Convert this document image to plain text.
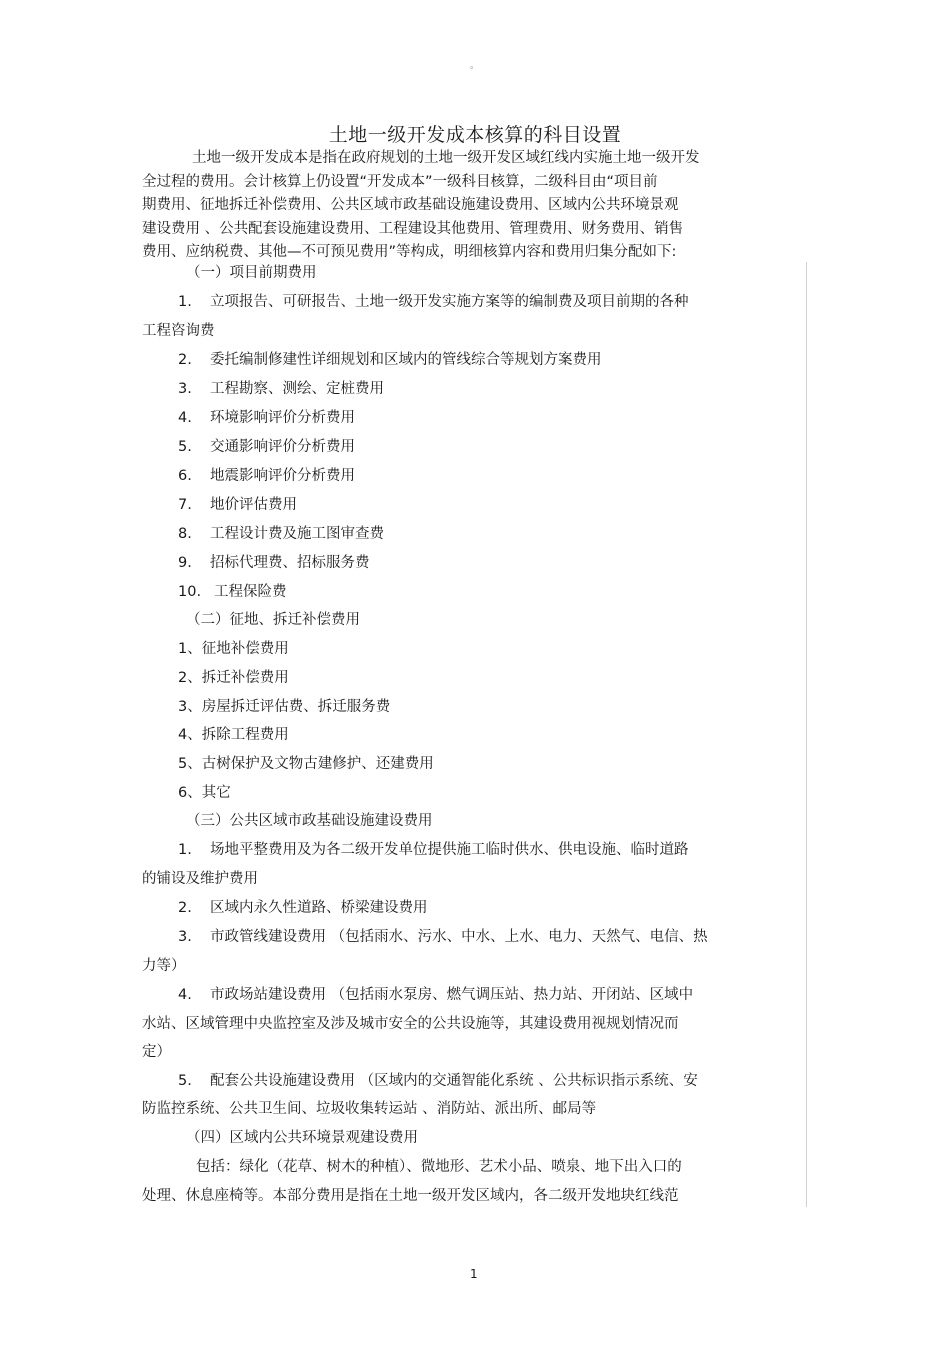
。
土地一级开发成本核算的科目设置
土地一级开发成本是指在政府规划的土地一级开发区域红线内实施土地一级开发
全过程的费用。会计核算上仍设置“开发成本”一级科目核算，二级科目由“项目前
期费用、征地拆迁补偿费用、公共区域市政基础设施建设费用、区域内公共环境景观
建设费用 、公共配套设施建设费用、工程建设其他费用、管理费用、财务费用、销售
费用、应纳税费、其他—不可预见费用”等构成，明细核算内容和费用归集分配如下:
（一）项目前期费用
1. 立项报告、可研报告、土地一级开发实施方案等的编制费及项目前期的各种
工程咨询费
2. 委托编制修建性详细规划和区域内的管线综合等规划方案费用
3. 工程勘察、测绘、定桩费用
4. 环境影响评价分析费用
5. 交通影响评价分析费用
6. 地震影响评价分析费用
7. 地价评估费用
8. 工程设计费及施工图审查费
9. 招标代理费、招标服务费
10. 工程保险费
（二）征地、拆迁补偿费用
1、征地补偿费用
2、拆迁补偿费用
3、房屋拆迁评估费、拆迁服务费
4、拆除工程费用
5、古树保护及文物古建修护、还建费用
6、其它
（三）公共区域市政基础设施建设费用
1. 场地平整费用及为各二级开发单位提供施工临时供水、供电设施、临时道路
的铺设及维护费用
2. 区域内永久性道路、桥梁建设费用
3. 市政管线建设费用 （包括雨水、污水、中水、上水、电力、天然气、电信、热
力等）
4. 市政场站建设费用 （包括雨水泵房、燃气调压站、热力站、开闭站、区域中
水站、区域管理中央监控室及涉及城市安全的公共设施等，其建设费用视规划情况而
定）
5. 配套公共设施建设费用 （区域内的交通智能化系统 、公共标识指示系统、安
防监控系统、公共卫生间、垃圾收集转运站 、消防站、派出所、邮局等
（四）区域内公共环境景观建设费用
包括：绿化（花草、树木的种植）、微地形、艺术小品、喷泉、地下出入口的
处理、休息座椅等。本部分费用是指在土地一级开发区域内，各二级开发地块红线范
1
